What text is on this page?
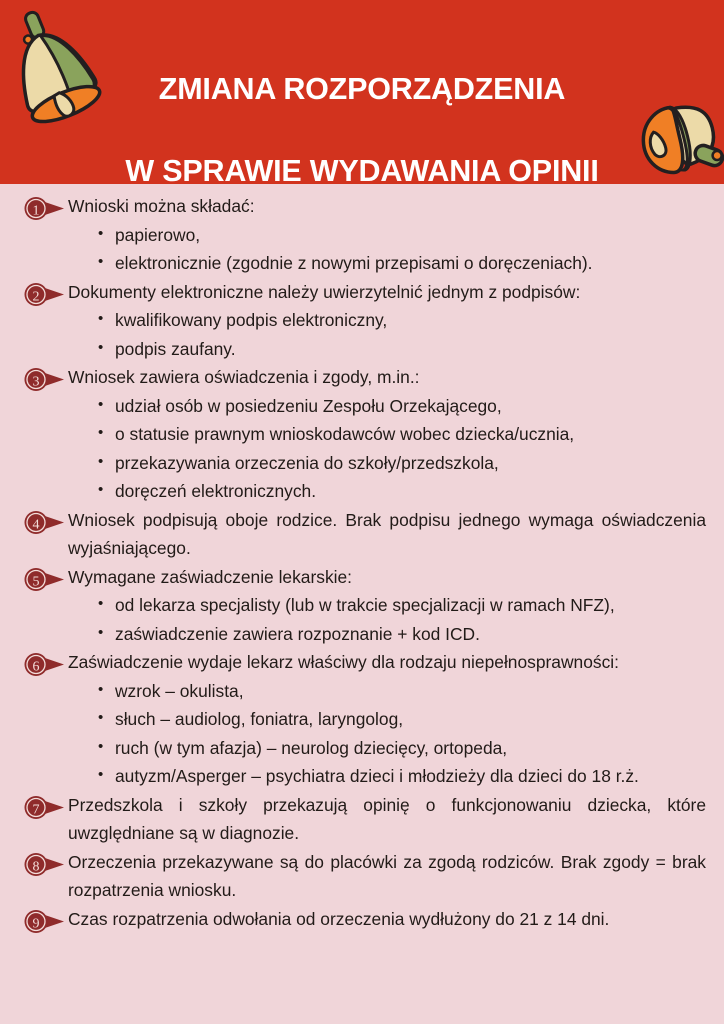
ZMIANA ROZPORZĄDZENIA

W SPRAWIE WYDAWANIA OPINII

1 Wnioski można składać:

• papierowo,
• elektronicznie (zgodnie z nowymi przepisami o doręczeniach).
2 Dokumenty elektroniczne należy uwierzytelnić jednym z podpisów:

• kwalifikowany podpis elektroniczny,
• podpis zaufany.
3 Wniosek zawiera oświadczenia i zgody, m.in.:

• udział osób w posiedzeniu Zespołu Orzekającego,
• o statusie prawnym wnioskodawców wobec dziecka/ucznia,
• przekazywania orzeczenia do szkoły/przedszkola,
• doręczeń elektronicznych.
4 Wniosek podpisują oboje rodzice. Brak podpisu jednego wymaga oświadczenia wyjaśniającego.

5 Wymagane zaświadczenie lekarskie:

• od lekarza specjalisty (lub w trakcie specjalizacji w ramach NFZ),
• zaświadczenie zawiera rozpoznanie + kod ICD.
6 Zaświadczenie wydaje lekarz właściwy dla rodzaju niepełnosprawności:

• wzrok – okulista,
• słuch – audiolog, foniatra, laryngolog,
• ruch (w tym afazja) – neurolog dziecięcy, ortopeda,
• autyzm/Asperger – psychiatra dzieci i młodzieży dla dzieci do 18 r.ż.
7 Przedszkola i szkoły przekazują opinię o funkcjonowaniu dziecka, które uwzględniane są w diagnozie.

8 Orzeczenia przekazywane są do placówki za zgodą rodziców. Brak zgody = brak rozpatrzenia wniosku.

9 Czas rozpatrzenia odwołania od orzeczenia wydłużony do 21 z 14 dni.
